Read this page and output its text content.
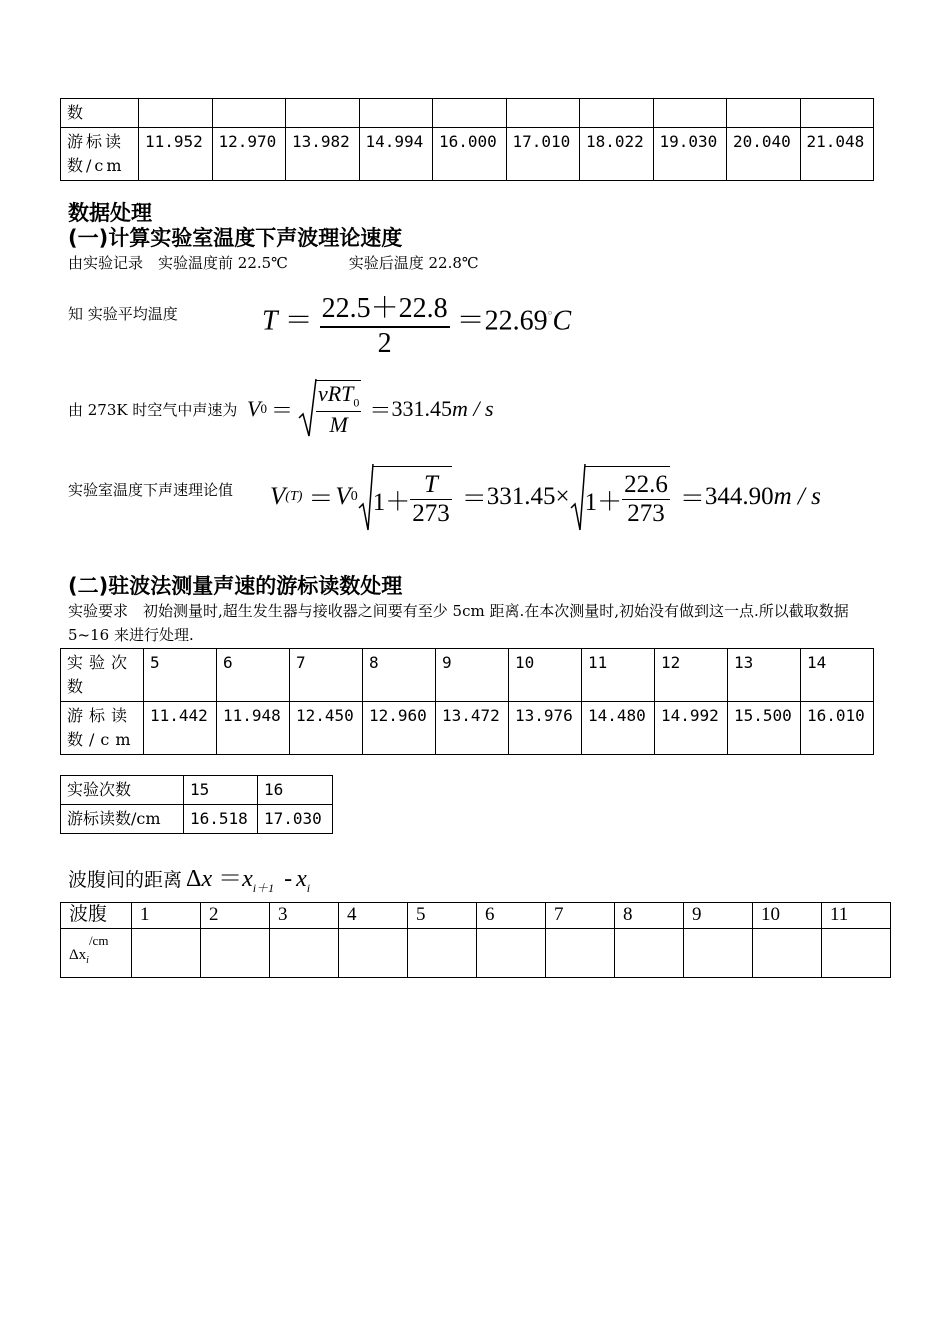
数										
游标读数/cm	11.952	12.970	13.982	14.994	16.000	17.010	18.022	19.030	20.040	21.048
数据处理
(一)计算实验室温度下声波理论速度
由实验记录　实验温度前 22.5℃	实验后温度 22.8℃
知 实验平均温度	$T = \frac{22.5+22.8}{2} =22.69^\circ C$
由 273K 时空气中声速为 V $0 = \frac{\nu RT_0}{M} = 331.45$ m / s
实验室温度下声速理论值 V (T) ＝ V 0 $1+ \frac{T}{273} = 331.45 \times 1+ \frac{22.6}{273} = 344.90$ m / s
(二)驻波法测量声速的游标读数处理
实验要求　初始测量时,超生发生器与接收器之间要有至少 5cm 距离.在本次测量时,初始没有做到这一点.所以截取数据 5~16 来进行处理.
实验次数	5	6	7	8	9	10	11	12	13	14
游标读数/cm	11.442	11.948	12.450	12.960	13.472	13.976	14.480	14.992	15.500	16.010
实验次数	15	16
游标读数/cm	16.518	17.030
波腹间的距离 $\Delta x =x_{i+1} - x_i$
波腹	1	2	3	4	5	6	7	8	9	10	11
$\Delta x_i^{/cm}$											
